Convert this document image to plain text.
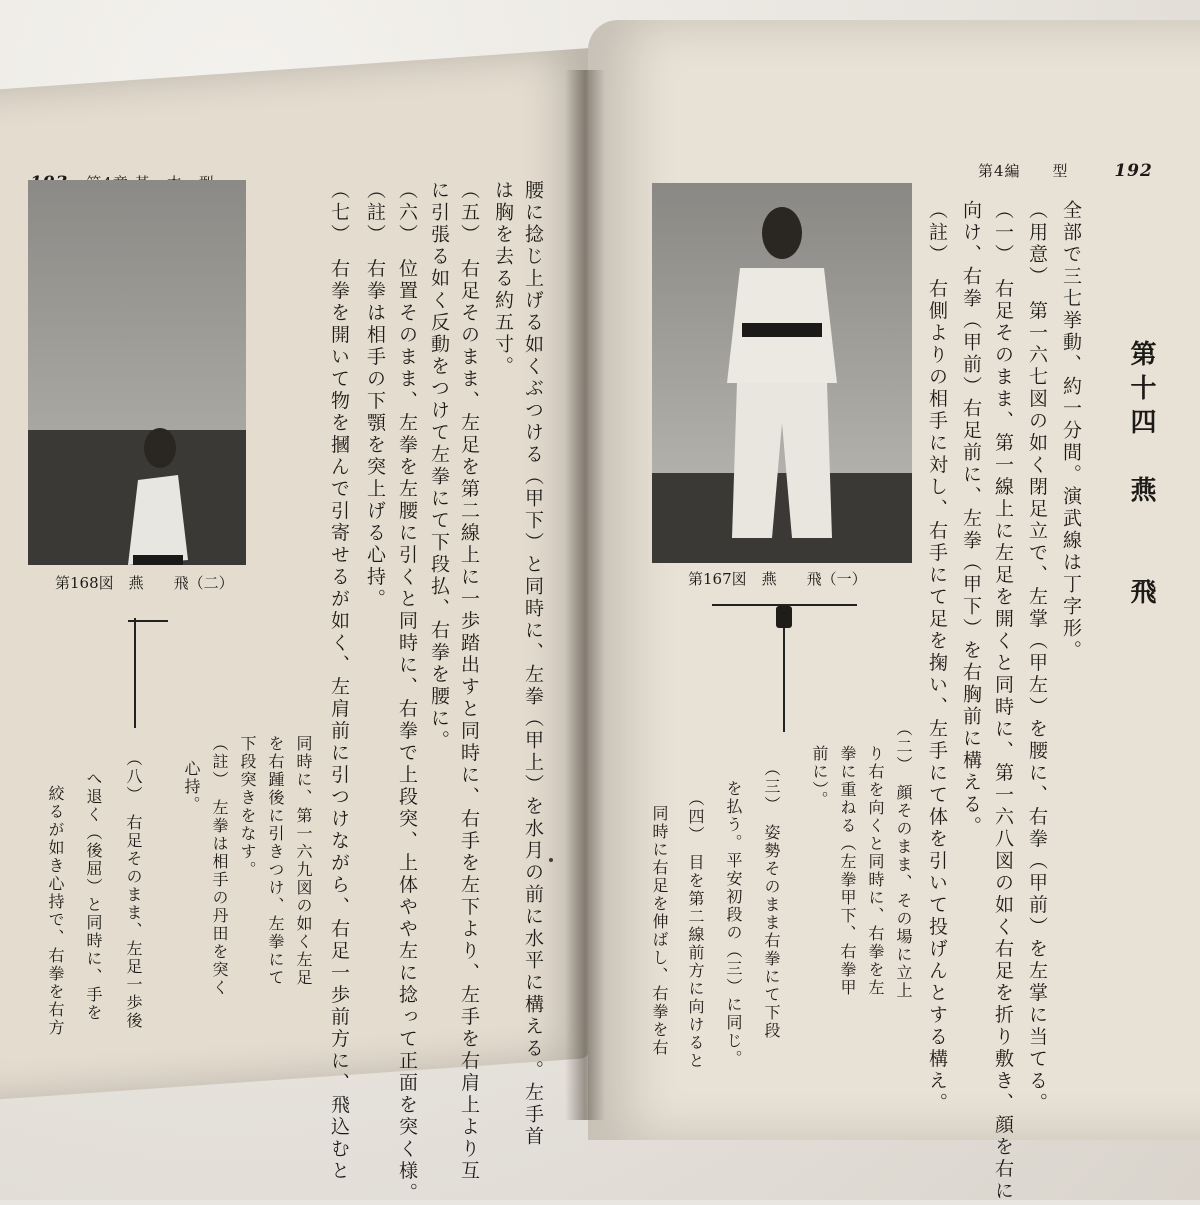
第168図　燕　　飛（二）	腰に捻じ上げる如くぶつける（甲下）と同時に、左拳（甲上）を水月の前に水平に構える。左手首
は胸を去る約五寸。
（五）　右足そのまま、左足を第二線上に一歩踏出すと同時に、右手を左下より、左手を右肩上より互
に引張る如く反動をつけて左拳にて下段払、右拳を腰に。
（六）　位置そのまま、左拳を左腰に引くと同時に、右拳で上段突、上体やや左に捻って正面を突く様。
（註）　右拳は相手の下顎を突上げる心持。
（七）　右拳を開いて物を摑んで引寄せるが如く、左肩前に引つけながら、右足一歩前方に、飛込むと
同時に、第一六九図の如く左足
を右踵後に引きつけ、左拳にて
下段突きをなす。
（註）　左拳は相手の丹田を突く
心持。
（八）　右足そのまま、左足一歩後
へ退く（後屈）と同時に、手を
絞るが如き心持で、右拳を右方
第4編　　型	192
第167図　燕　　飛（一）	第十四　燕　　飛
全部で三七挙動、約一分間。演武線は丁字形。
（用意）　第一六七図の如く閉足立で、左掌（甲左）を腰に、右拳（甲前）を左掌に当てる。
（一）　右足そのまま、第一線上に左足を開くと同時に、第一六八図の如く右足を折り敷き、顔を右に
向け、右拳（甲前）右足前に、左拳（甲下）を右胸前に構える。
（註）　右側よりの相手に対し、右手にて足を掬い、左手にて体を引いて投げんとする構え。
（二）　顔そのまま、その場に立上
り右を向くと同時に、右拳を左
拳に重ねる（左拳甲下、右拳甲
前に）。
（三）　姿勢そのまま右拳にて下段
を払う。平安初段の（三）に同じ。
（四）　目を第二線前方に向けると
同時に右足を伸ばし、右拳を右
